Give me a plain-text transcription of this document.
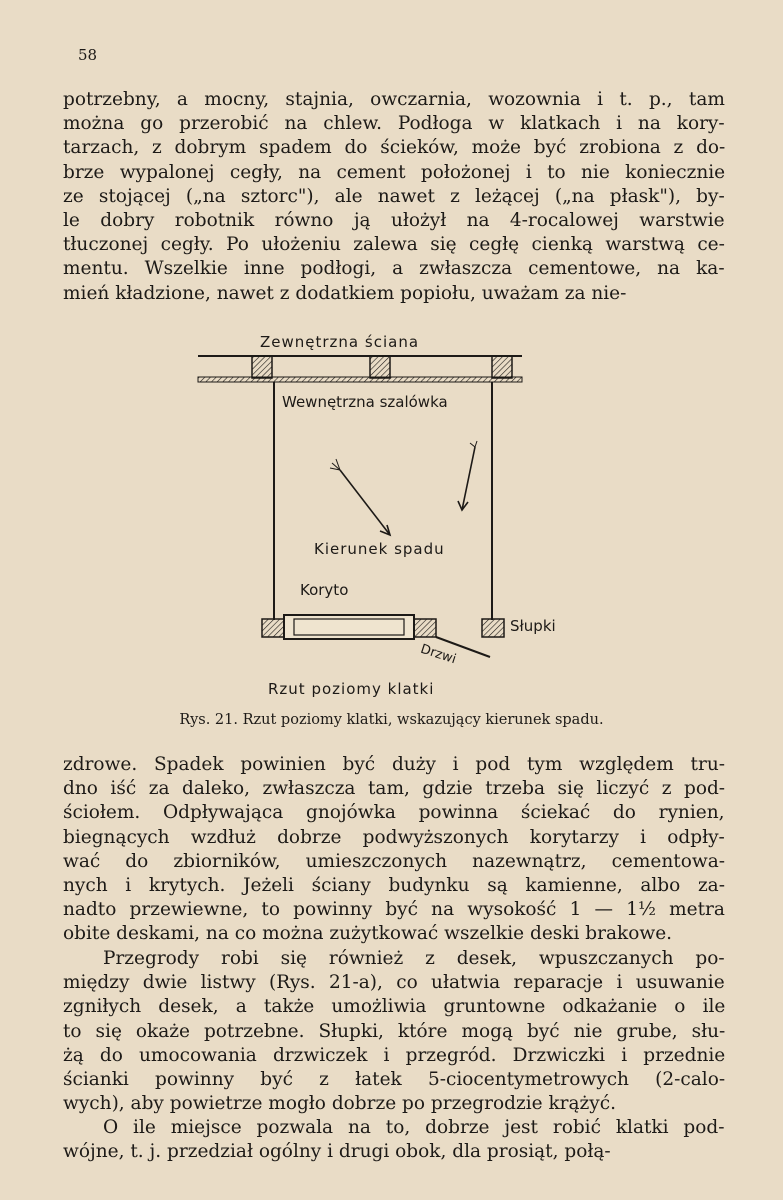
58

potrzebny, a mocny, stajnia, owczarnia, wozownia i t. p., tam
można go przerobić na chlew. Podłoga w klatkach i na kory-
tarzach, z dobrym spadem do ścieków, może być zrobiona z do-
brze wypalonej cegły, na cement położonej i to nie koniecznie
ze stojącej („na sztorc"), ale nawet z leżącej („na płask"), by-
le dobry robotnik równo ją ułożył na 4-rocalowej warstwie
tłuczonej cegły. Po ułożeniu zalewa się cegłę cienką warstwą ce-
mentu. Wszelkie inne podłogi, a zwłaszcza cementowe, na ka-
mień kładzione, nawet z dodatkiem popiołu, uważam za nie-

Zewnętrzna ściana
Wewnętrzna szalówka
Kierunek spadu
Koryto
Słupki
Drzwi
Rzut poziomy klatki
Rys. 21. Rzut poziomy klatki, wskazujący kierunek spadu.

zdrowe. Spadek powinien być duży i pod tym względem tru-
dno iść za daleko, zwłaszcza tam, gdzie trzeba się liczyć z pod-
ściołem. Odpływająca gnojówka powinna ściekać do rynien,
biegnących wzdłuż dobrze podwyższonych korytarzy i odpły-
wać do zbiorników, umieszczonych nazewnątrz, cementowa-
nych i krytych. Jeżeli ściany budynku są kamienne, albo za-
nadto przewiewne, to powinny być na wysokość 1 — 1½ metra
obite deskami, na co można zużytkować wszelkie deski brakowe.

Przegrody robi się również z desek, wpuszczanych po-
między dwie listwy (Rys. 21-a), co ułatwia reparacje i usuwanie
zgniłych desek, a także umożliwia gruntowne odkażanie o ile
to się okaże potrzebne. Słupki, które mogą być nie grube, słu-
żą do umocowania drzwiczek i przegród. Drzwiczki i przednie
ścianki powinny być z łatek 5-ciocentymetrowych (2-calo-
wych), aby powietrze mogło dobrze po przegrodzie krążyć.

O ile miejsce pozwala na to, dobrze jest robić klatki pod-
wójne, t. j. przedział ogólny i drugi obok, dla prosiąt, połą-
